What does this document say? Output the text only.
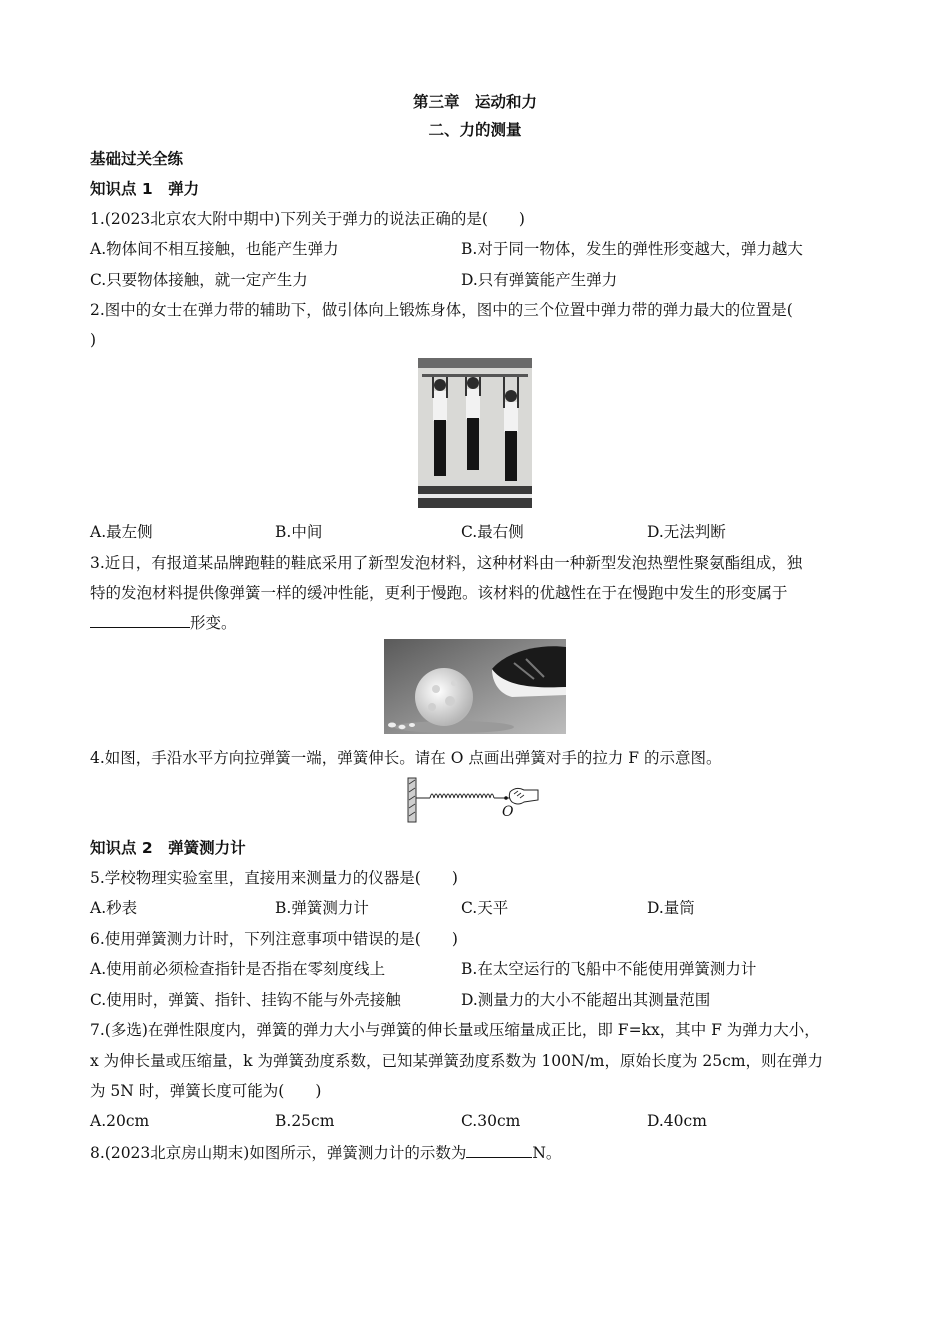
第三章　运动和力
二、力的测量
基础过关全练
知识点 1　弹力
1.(2023北京农大附中期中)下列关于弹力的说法正确的是(　　)
A.物体间不相互接触，也能产生弹力	B.对于同一物体，发生的弹性形变越大，弹力越大
C.只要物体接触，就一定产生力	D.只有弹簧能产生弹力
2.图中的女士在弹力带的辅助下，做引体向上锻炼身体，图中的三个位置中弹力带的弹力最大的位置是(
)
A.最左侧	B.中间	C.最右侧	D.无法判断
3.近日，有报道某品牌跑鞋的鞋底采用了新型发泡材料，这种材料由一种新型发泡热塑性聚氨酯组成，独
特的发泡材料提供像弹簧一样的缓冲性能，更利于慢跑。该材料的优越性在于在慢跑中发生的形变属于
形变。
4.如图，手沿水平方向拉弹簧一端，弹簧伸长。请在 O 点画出弹簧对手的拉力 F 的示意图。
O
知识点 2　弹簧测力计
5.学校物理实验室里，直接用来测量力的仪器是(　　)
A.秒表	B.弹簧测力计	C.天平	D.量筒
6.使用弹簧测力计时，下列注意事项中错误的是(　　)
A.使用前必须检查指针是否指在零刻度线上	B.在太空运行的飞船中不能使用弹簧测力计
C.使用时，弹簧、指针、挂钩不能与外壳接触	D.测量力的大小不能超出其测量范围
7.(多选)在弹性限度内，弹簧的弹力大小与弹簧的伸长量或压缩量成正比，即 F=kx，其中 F 为弹力大小，
x 为伸长量或压缩量，k 为弹簧劲度系数，已知某弹簧劲度系数为 100N/m，原始长度为 25cm，则在弹力
为 5N 时，弹簧长度可能为(　　)
A.20cm	B.25cm	C.30cm	D.40cm
8.(2023北京房山期末)如图所示，弹簧测力计的示数为	N。
